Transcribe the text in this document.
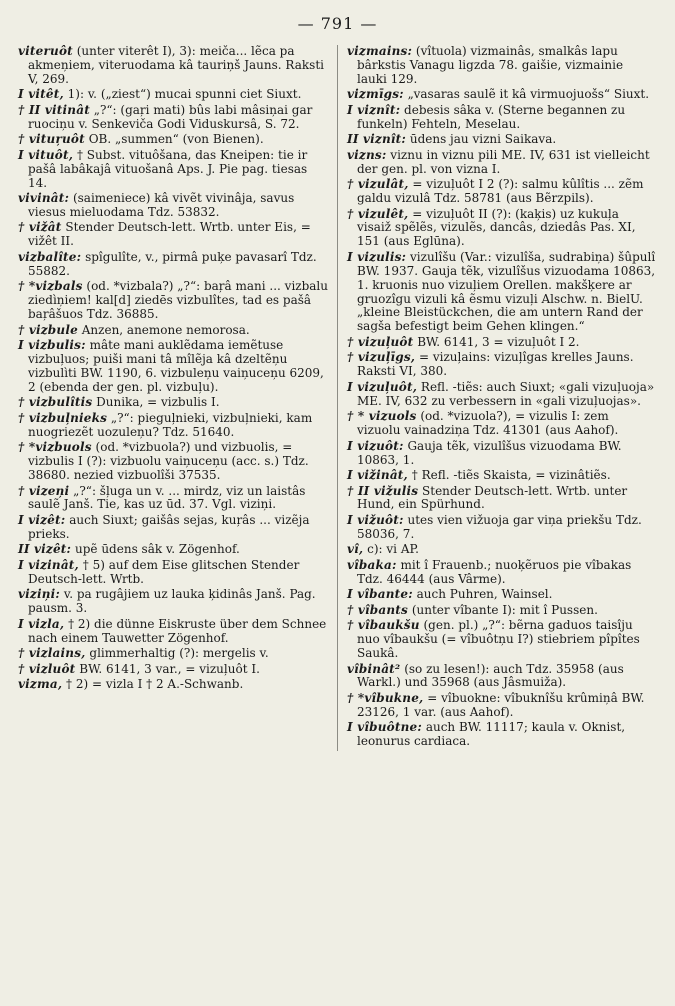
— 791 —

viteruôt (unter viterêt I), 3): meiča... lẽca pa akmeņiem, viteruodama kâ tauriņš Jauns. Raksti V, 269.

I vitêt, 1): v. („ziest“) mucai spunni ciet Siuxt.

† II vitinât „?“: (gaŗi mati) bûs labi mâsiņai gar ruociņu v. Senkeviča Godi Viduskursâ, S. 72.

† vituŗuôt OB. „summen“ (von Bienen).

I vituôt, † Subst. vituôšana, das Kneipen: tie ir pašâ labâkajâ vituošanâ Aps. J. Pie pag. tiesas 14.

vivinât: (saimeniece) kâ vivẽt vivinâja, savus viesus mieluodama Tdz. 53832.

† vižât Stender Deutsch-lett. Wrtb. unter Eis, = vižêt II.

vizbalîte: spîgulîte, v., pirmâ puķe pavasarî Tdz. 55882.

† *vizbals (od. *vizbala?) „?“: baŗâ mani ... vizbalu ziedìņiem! kal[d] ziedēs vizbulîtes, tad es pašâ baŗâšuos Tdz. 36885.

† vizbule Anzen, anemone nemorosa.

I vizbulis: mâte mani auklẽdama iemẽtuse vizbuļuos; puiši mani tâ mîlẽja kâ dzeltẽņu vizbulìti BW. 1190, 6. vizbuleņu vaiņuceņu 6209, 2 (ebenda der gen. pl. vizbuļu).

† vizbulîtis Dunika, = vizbulis I.

† vizbuļnieks „?“: pieguļnieki, vizbuļnieki, kam nuogriezẽt uozuleņu? Tdz. 51640.

† *vizbuols (od. *vizbuola?) und vizbuolis, = vizbulis I (?): vizbuolu vaiņuceņu (acc. s.) Tdz. 38680. nezied vizbuolîši 37535.

† vizeņi „?“: šļuga un v. ... mirdz, viz un laistâs saulẽ Janš. Tie, kas uz ūd. 37. Vgl. viziņi.

I vizêt: auch Siuxt; gaišâs sejas, kuŗâs ... vizẽja prieks.

II vizêt: upẽ ūdens sâk v. Zögenhof.

I vizinât, † 5) auf dem Eise glitschen Stender Deutsch-lett. Wrtb.

viziņi: v. pa rugâjiem uz lauka ķidinâs Janš. Pag. pausm. 3.

I vizla, † 2) die dünne Eiskruste über dem Schnee nach einem Tauwetter Zögenhof.

† vizlains, glimmerhaltig (?): mergelis v.

† vizluôt BW. 6141, 3 var., = vizuļuôt I.

vizma, † 2) = vizla I † 2 A.-Schwanb.

vizmains: (vîtuola) vizmainâs, smalkâs lapu bârkstis Vanagu ligzda 78. gaišie, vizmainie lauki 129.

vizmīgs: „vasaras saulẽ it kâ virmuojuošs“ Siuxt.

I viznît: debesis sâka v. (Sterne begannen zu funkeln) Fehteln, Meselau.

II viznît: ūdens jau vizni Saikava.

vizns: viznu in viznu pili ME. IV, 631 ist vielleicht der gen. pl. von vizna I.

† vizulât, = vizuļuôt I 2 (?): salmu kûlîtis ... zẽm galdu vizulâ Tdz. 58781 (aus Bẽrzpils).

† vizulêt, = vizuļuôt II (?): (kaķis) uz kukuļa visaiž spẽlẽs, vizulẽs, dancâs, dziedâs Pas. XI, 151 (aus Eglūna).

I vizulis: vizulîšu (Var.: vizulîša, sudrabiņa) šûpulî BW. 1937. Gauja tẽk, vizulîšus vizuodama 10863, 1. kruonis nuo vizuļiem Orellen. makšķere ar gruozîgu vizuli kâ ẽsmu vizuļi Alschw. n. BielU. „kleine Bleistückchen, die am untern Rand der sagša befestigt beim Gehen klingen.“

† vizuļuôt BW. 6141, 3 = vizuļuôt I 2.

† vizuļīgs, = vizuļains: vizuļîgas krelles Jauns. Raksti VI, 380.

I vizuļuôt, Refl. -tiẽs: auch Siuxt; «gali vizuļuoja» ME. IV, 632 zu verbessern in «gali vizuļuojas».

† * vizuols (od. *vizuola?), = vizulis I: zem vizuolu vainadziņa Tdz. 41301 (aus Aahof).

I vizuôt: Gauja tẽk, vizulîšus vizuodama BW. 10863, 1.

I vižinât, † Refl. -tiẽs Skaista, = vizinâtiẽs.

† II vižulis Stender Deutsch-lett. Wrtb. unter Hund, ein Spürhund.

I vižuôt: utes vien vižuoja gar viņa priekšu Tdz. 58036, 7.

vî, c): vi AP.

vîbaka: mit î Frauenb.; nuoķẽruos pie vîbakas Tdz. 46444 (aus Vârme).

I vîbante: auch Puhren, Wainsel.

† vîbants (unter vîbante I): mit î Pussen.

† vîbaukšu (gen. pl.) „?“: bẽrna gaduos taisîju nuo vîbaukšu (= vîbuôtņu I?) stiebriem pîpîtes Saukâ.

vîbinât² (so zu lesen!): auch Tdz. 35958 (aus Warkl.) und 35968 (aus Jâsmuiža).

† *vîbukne, = vîbuokne: vîbuknîšu krûmiņâ BW. 23126, 1 var. (aus Aahof).

I vîbuôtne: auch BW. 11117; kaula v. Oknist, leonurus cardiaca.
